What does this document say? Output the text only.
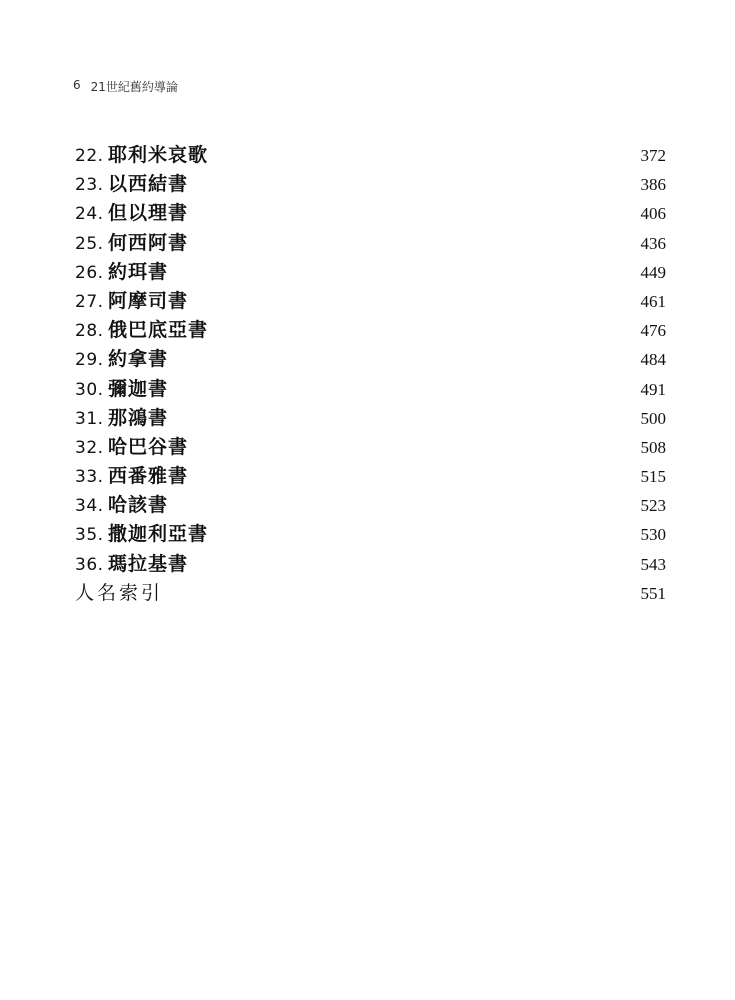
6 21世紀舊約導論
22. 耶利米哀歌	372
23. 以西結書	386
24. 但以理書	406
25. 何西阿書	436
26. 約珥書	449
27. 阿摩司書	461
28. 俄巴底亞書	476
29. 約拿書	484
30. 彌迦書	491
31. 那鴻書	500
32. 哈巴谷書	508
33. 西番雅書	515
34. 哈該書	523
35. 撒迦利亞書	530
36. 瑪拉基書	543
人名索引	551
